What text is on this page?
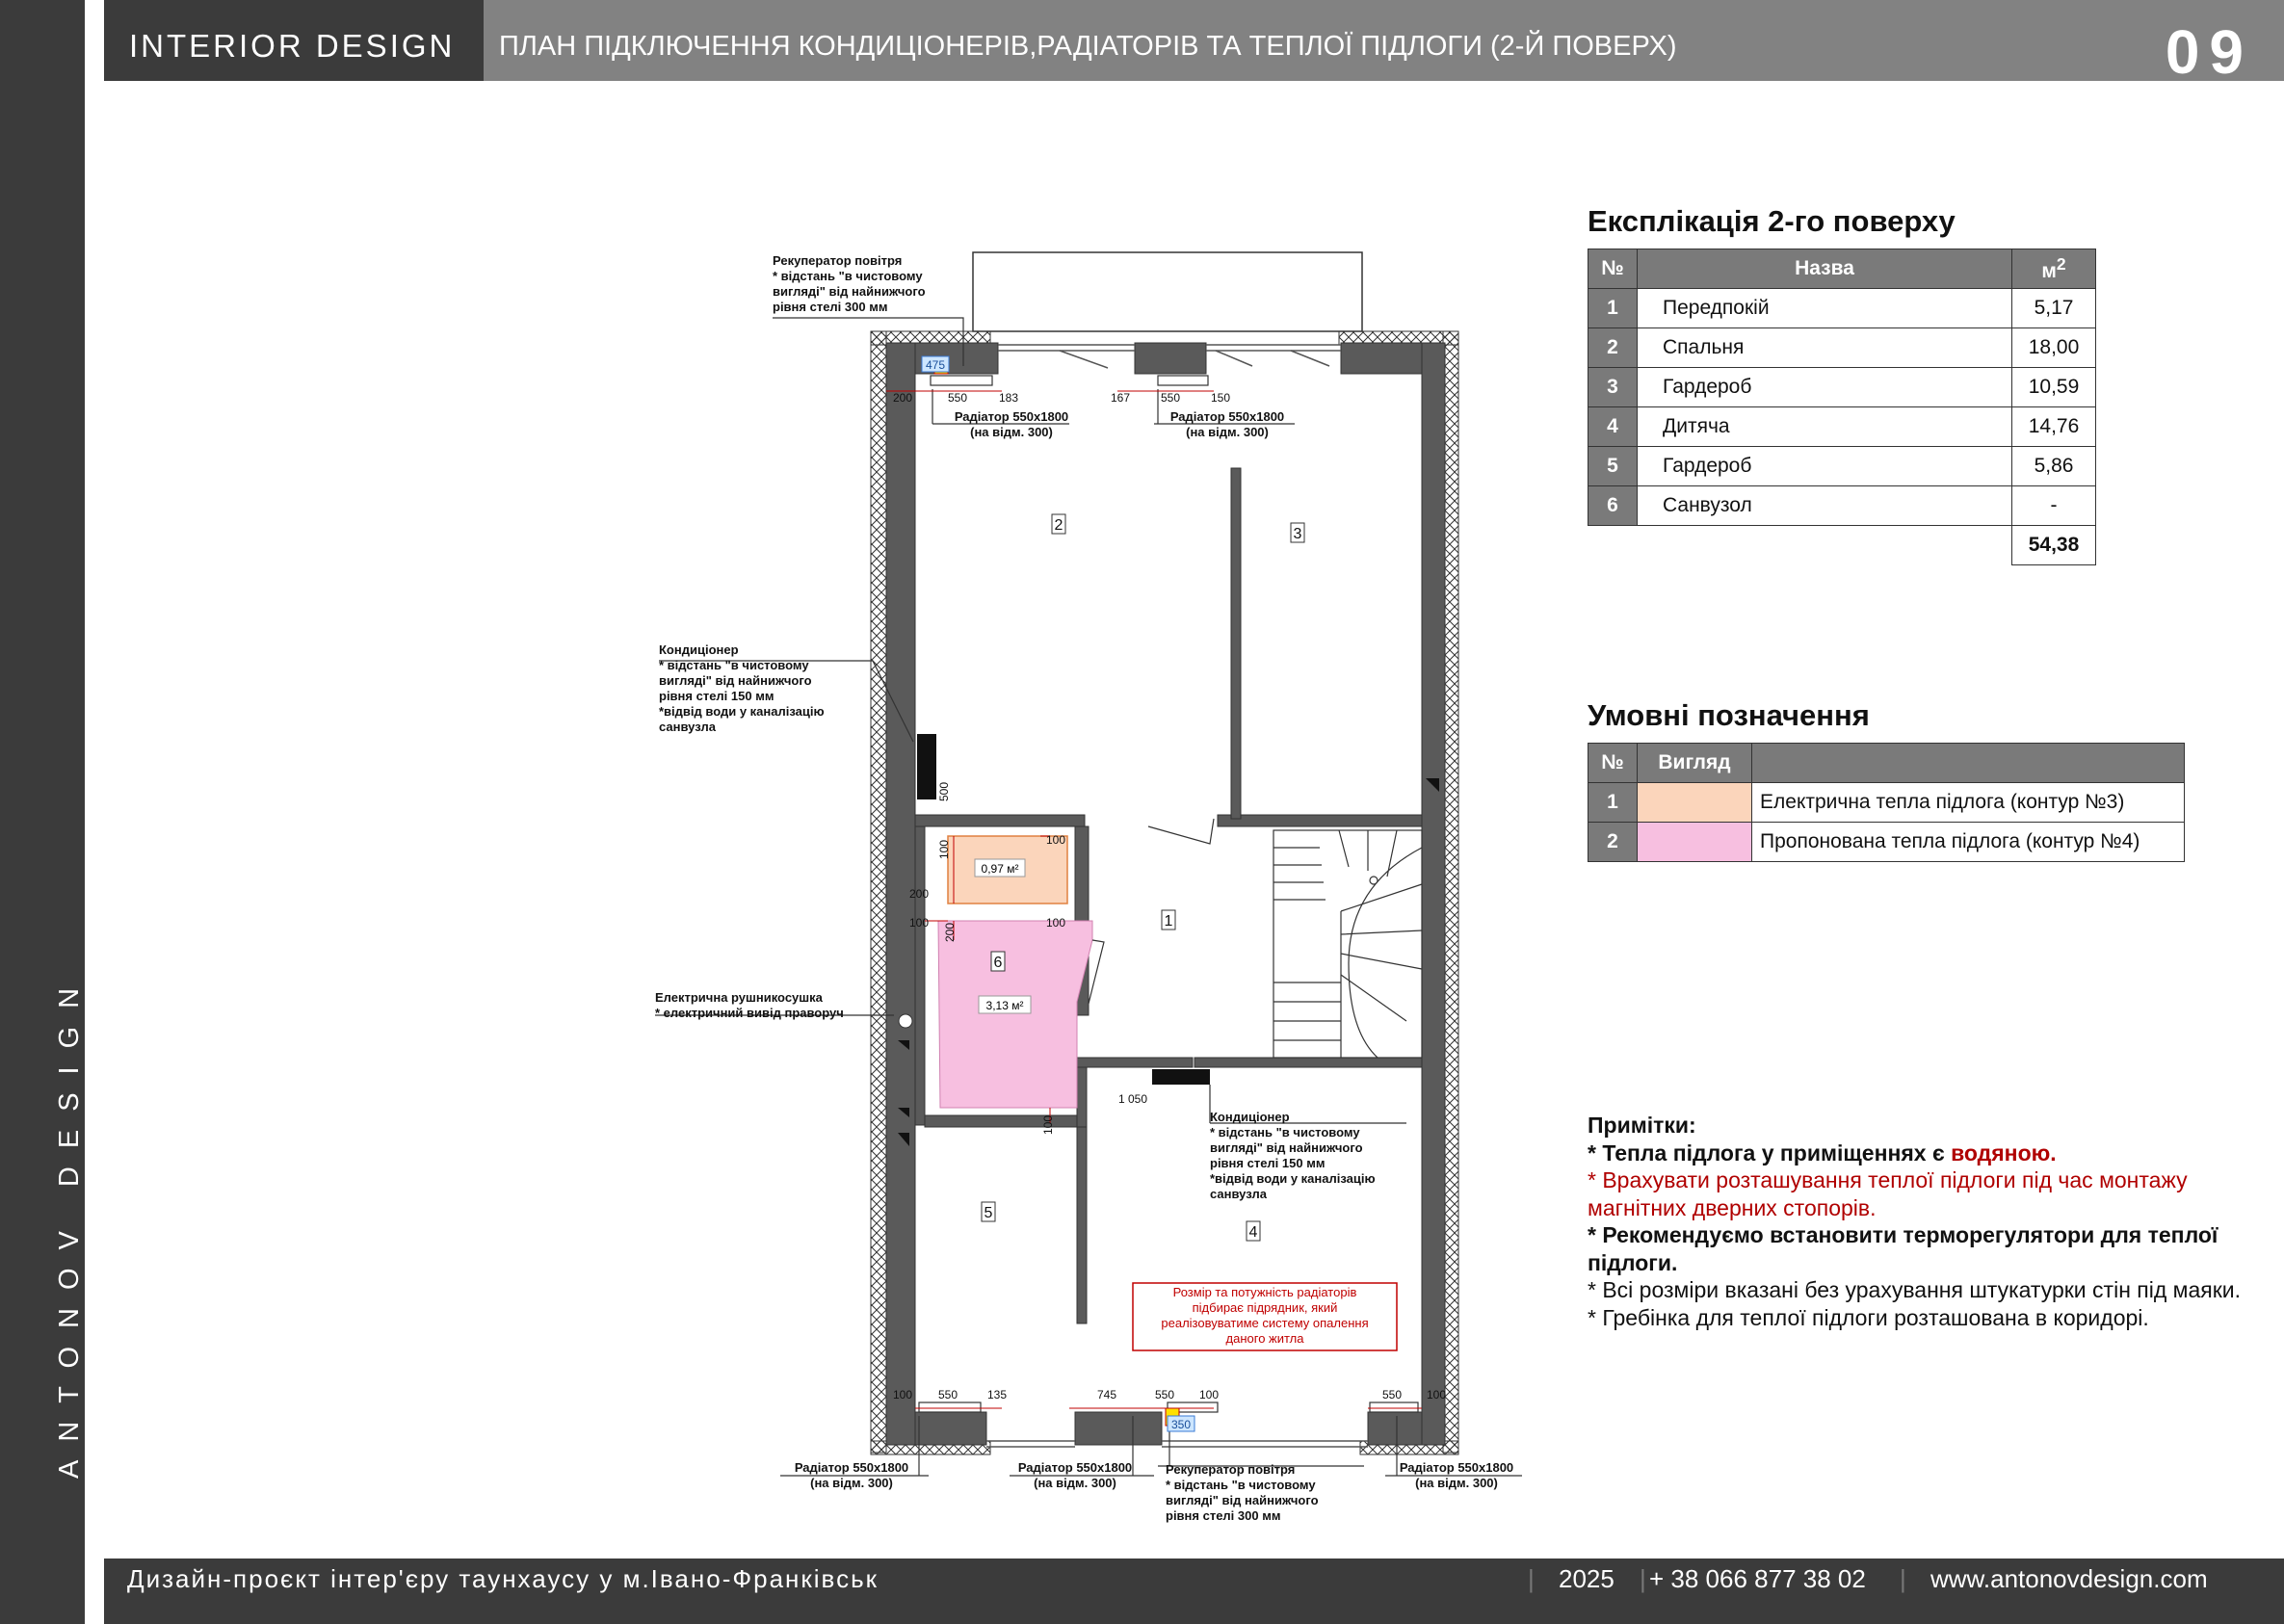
ANTONOV DESIGN
INTERIOR DESIGN	ПЛАН ПІДКЛЮЧЕННЯ КОНДИЦІОНЕРІВ,РАДІАТОРІВ ТА ТЕПЛОЇ ПІДЛОГИ (2-Й ПОВЕРХ)	09
2
3
1
6
5
4
0,97 м²
3,13 м²
475
350
200	550	183	167	550	150
100
100
200
100 200	100
100
500
1 050
100 550	135	745	550 100	550 100
Рекуператор повітря
* відстань "в чистовому
вигляді" від найнижчого
рівня стелі 300 мм
Кондиціонер
* відстань "в чистовому
вигляді" від найнижчого
рівня стелі 150 мм
*відвід води у каналізацію
санвузла
Електрична рушникосушка
* електричний вивід праворуч
Кондиціонер
* відстань "в чистовому
вигляді" від найнижчого
рівня стелі 150 мм
*відвід води у каналізацію
санвузла
Рекуператор повітря
* відстань "в чистовому
вигляді" від найнижчого
рівня стелі 300 мм
Радіатор 550х1800
(на відм. 300)
Радіатор 550х1800
(на відм. 300)
Радіатор 550х1800
(на відм. 300)
Радіатор 550х1800
(на відм. 300)
Радіатор 550х1800
(на відм. 300)
Розмір та потужність радіаторів
підбирає підрядник, який
реалізовуватиме систему опалення
даного житла
Експлікація 2-го поверху
№	Назва	$м^2$
1	Передпокій	5,17
2	Спальня	18,00
3	Гардероб	10,59
4	Дитяча	14,76
5	Гардероб	5,86
6	Санвузол	-
		54,38
Умовні позначення
№	Вигляд	
1		Електрична тепла підлога (контур №3)
2		Пропонована тепла підлога (контур №4)
Примітки:
* Тепла підлога у приміщеннях є водяною.
* Врахувати розташування теплої підлоги під час монтажу магнітних дверних стопорів.
* Рекомендуємо встановити терморегулятори для теплої підлоги.
* Всі розміри вказані без урахування штукатурки стін під маяки.
* Гребінка для теплої підлоги розташована в коридорі.
Дизайн-проєкт інтер'єру таунхаусу у м.Івано-Франківськ	| 2025 | + 38 066 877 38 02 | www.antonovdesign.com
